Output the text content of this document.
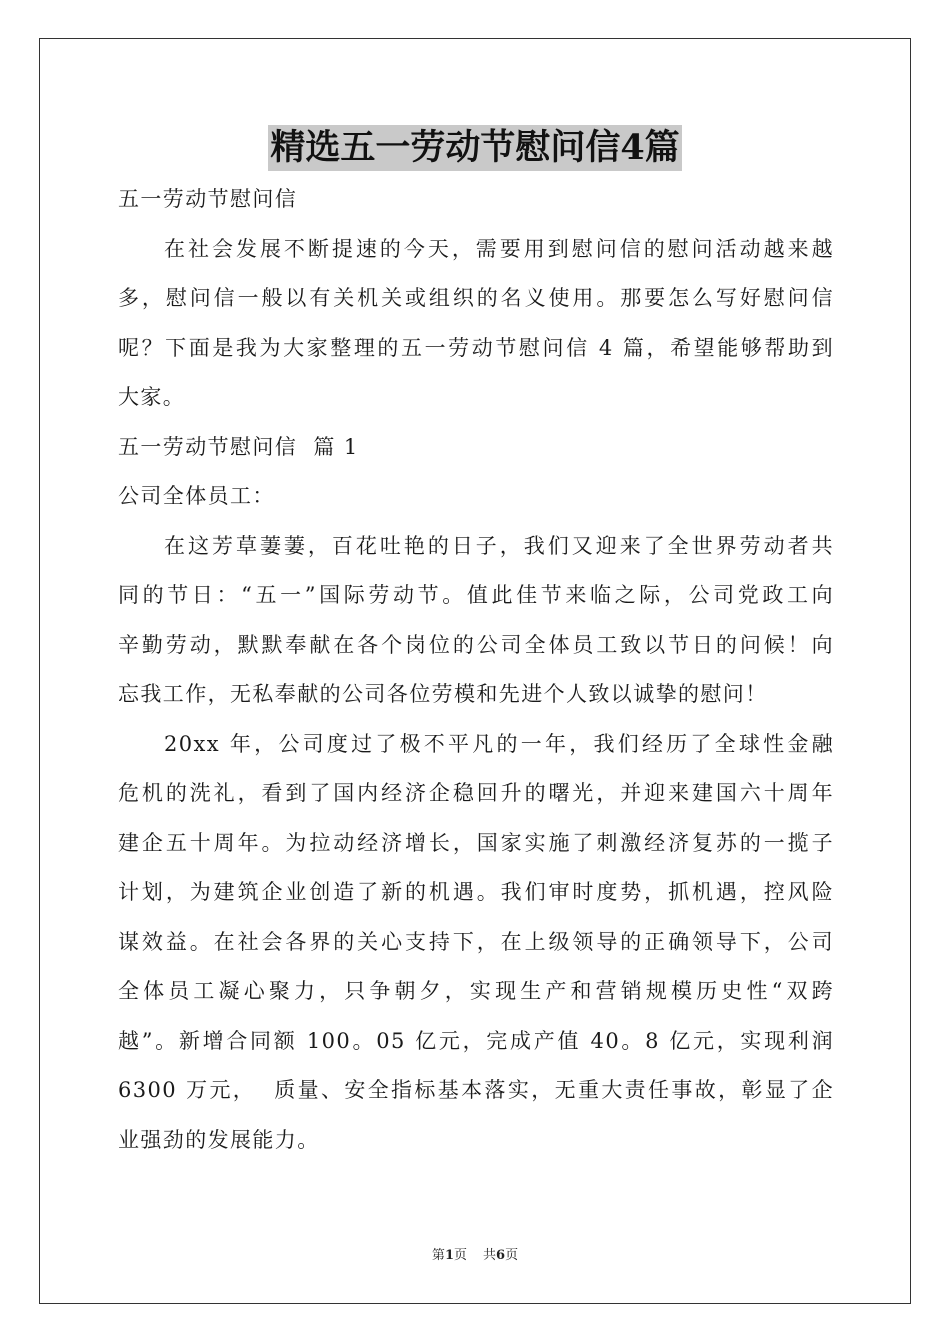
精选五一劳动节慰问信4篇
五一劳动节慰问信
在社会发展不断提速的今天，需要用到慰问信的慰问活动越来越
多，慰问信一般以有关机关或组织的名义使用。那要怎么写好慰问信
呢？下面是我为大家整理的五一劳动节慰问信 4 篇，希望能够帮助到
大家。
五一劳动节慰问信  篇 1
公司全体员工：
在这芳草萋萋，百花吐艳的日子，我们又迎来了全世界劳动者共
同的节日：“五一”国际劳动节。值此佳节来临之际，公司党政工向
辛勤劳动，默默奉献在各个岗位的公司全体员工致以节日的问候！向
忘我工作，无私奉献的公司各位劳模和先进个人致以诚挚的慰问！
20xx 年，公司度过了极不平凡的一年，我们经历了全球性金融
危机的洗礼，看到了国内经济企稳回升的曙光，并迎来建国六十周年
建企五十周年。为拉动经济增长，国家实施了刺激经济复苏的一揽子
计划，为建筑企业创造了新的机遇。我们审时度势，抓机遇，控风险
谋效益。在社会各界的关心支持下，在上级领导的正确领导下，公司
全体员工凝心聚力，只争朝夕，实现生产和营销规模历史性“双跨
越”。新增合同额 100。05 亿元，完成产值 40。8 亿元，实现利润
6300 万元，  质量、安全指标基本落实，无重大责任事故，彰显了企
业强劲的发展能力。
第1页 共6页
